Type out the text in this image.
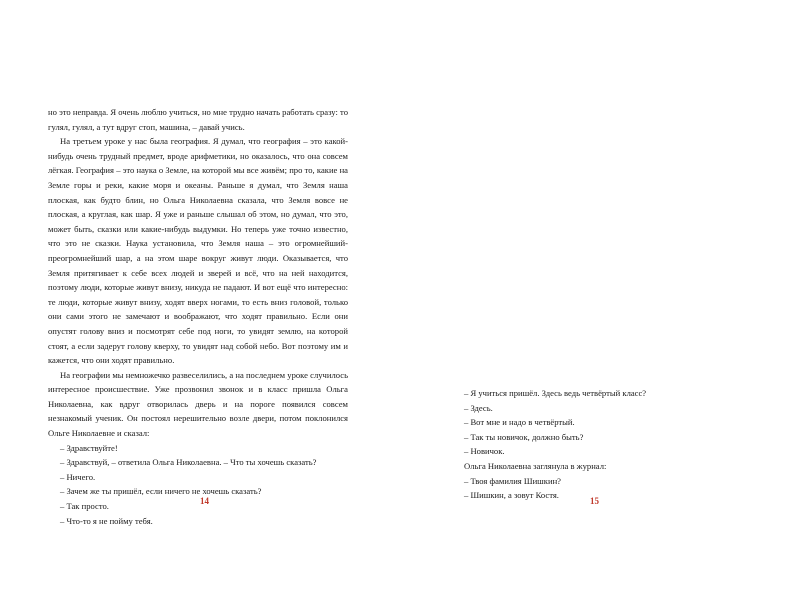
но это неправда. Я очень люблю учиться, но мне трудно начать работать сразу: то гулял, гулял, а тут вдруг стоп, машина, – давай учись.

На третьем уроке у нас была география. Я думал, что география – это какой-нибудь очень трудный предмет, вроде арифметики, но оказалось, что она совсем лёгкая. География – это наука о Земле, на которой мы все живём; про то, какие на Земле горы и реки, какие моря и океаны. Раньше я думал, что Земля наша плоская, как будто блин, но Ольга Николаевна сказала, что Земля вовсе не плоская, а круглая, как шар. Я уже и раньше слышал об этом, но думал, что это, может быть, сказки или какие-нибудь выдумки. Но теперь уже точно известно, что это не сказки. Наука установила, что Земля наша – это огромнейший-преогромнейший шар, а на этом шаре вокруг живут люди. Оказывается, что Земля притягивает к себе всех людей и зверей и всё, что на ней находится, поэтому люди, которые живут внизу, никуда не падают. И вот ещё что интересно: те люди, которые живут внизу, ходят вверх ногами, то есть вниз головой, только они сами этого не замечают и воображают, что ходят правильно. Если они опустят голову вниз и посмотрят себе под ноги, то увидят землю, на которой стоят, а если задерут голову кверху, то увидят над собой небо. Вот поэтому им и кажется, что они ходят правильно.

На географии мы немножечко развеселились, а на последнем уроке случилось интересное происшествие. Уже прозвонил звонок и в класс пришла Ольга Николаевна, как вдруг отворилась дверь и на пороге появился совсем незнакомый ученик. Он постоял нерешительно возле двери, потом поклонился Ольге Николаевне и сказал:

– Здравствуйте!

– Здравствуй, – ответила Ольга Николаевна. – Что ты хочешь сказать?

– Ничего.

– Зачем же ты пришёл, если ничего не хочешь сказать?

– Так просто.

– Что-то я не пойму тебя.

14

– Я учиться пришёл. Здесь ведь четвёртый класс?

– Здесь.

– Вот мне и надо в четвёртый.

– Так ты новичок, должно быть?

– Новичок.

Ольга Николаевна заглянула в журнал:

– Твоя фамилия Шишкин?

– Шишкин, а зовут Костя.

15
